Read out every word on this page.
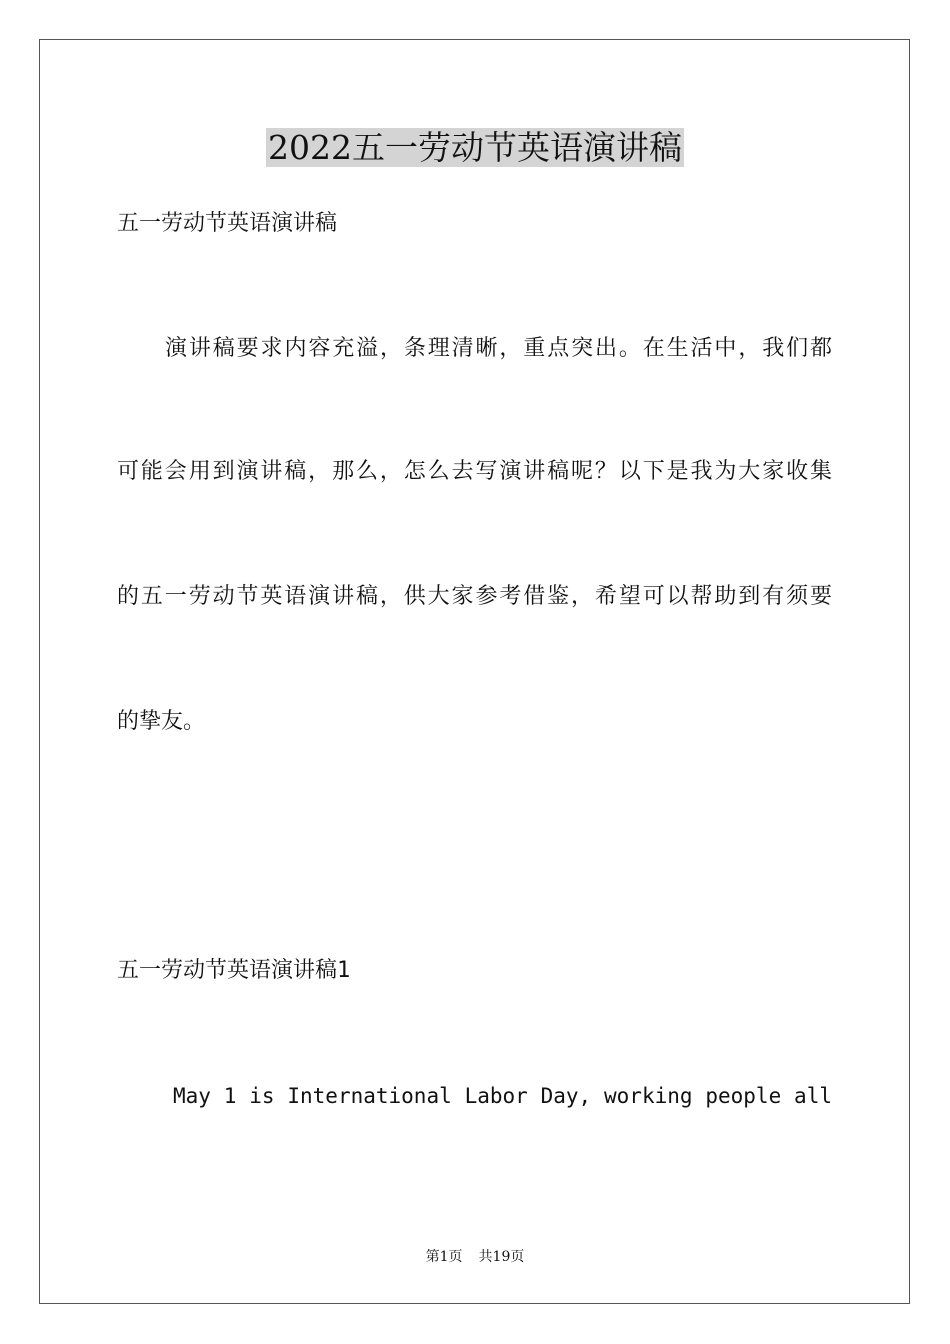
2022五一劳动节英语演讲稿
五一劳动节英语演讲稿
演讲稿要求内容充溢，条理清晰，重点突出。在生活中，我们都
可能会用到演讲稿，那么，怎么去写演讲稿呢？以下是我为大家收集
的五一劳动节英语演讲稿，供大家参考借鉴，希望可以帮助到有须要
的挚友。
五一劳动节英语演讲稿1
May 1 is International Labor Day, working people all
第1页 共19页
